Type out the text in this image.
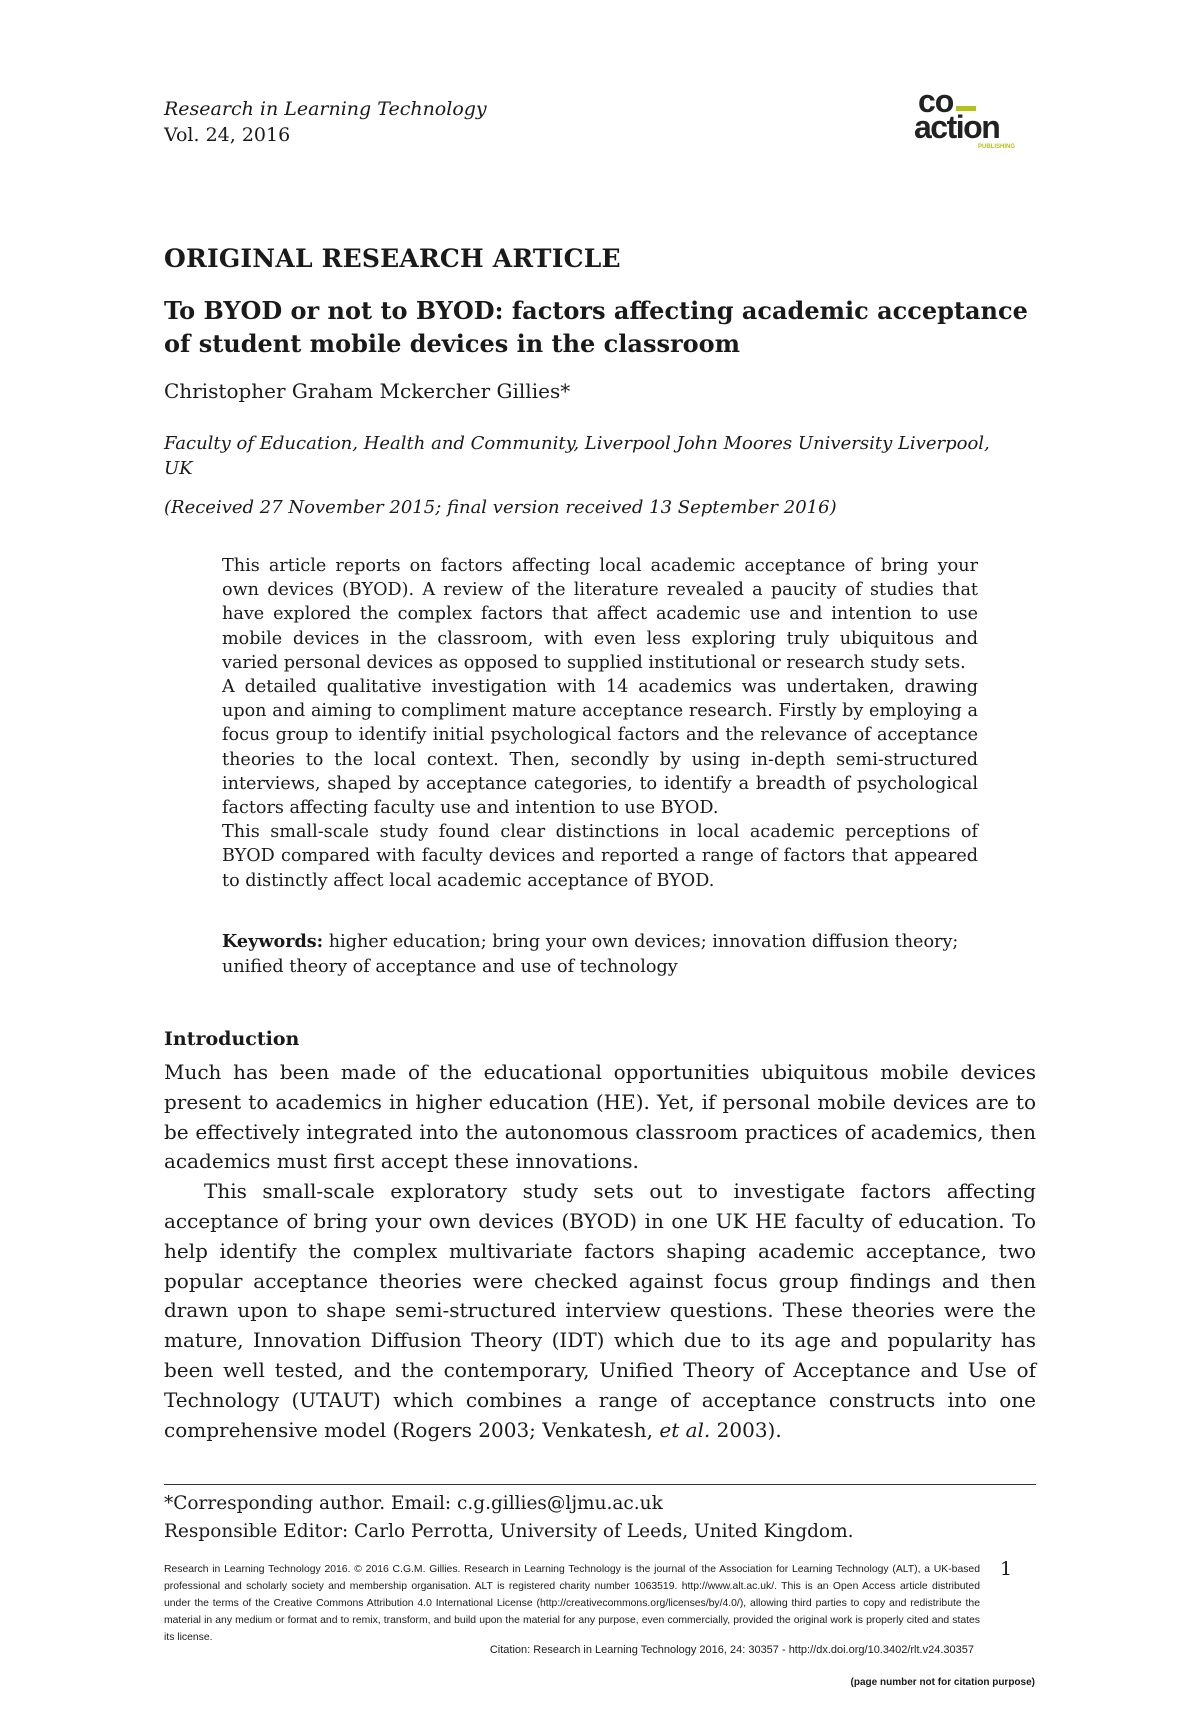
Research in Learning Technology
Vol. 24, 2016
co
action
PUBLISHING
ORIGINAL RESEARCH ARTICLE
To BYOD or not to BYOD: factors affecting academic acceptance of student mobile devices in the classroom
Christopher Graham Mckercher Gillies*
Faculty of Education, Health and Community, Liverpool John Moores University Liverpool, UK
(Received 27 November 2015; final version received 13 September 2016)

This article reports on factors affecting local academic acceptance of bring your own devices (BYOD). A review of the literature revealed a paucity of studies that have explored the complex factors that affect academic use and intention to use mobile devices in the classroom, with even less exploring truly ubiquitous and varied personal devices as opposed to supplied institutional or research study sets.

A detailed qualitative investigation with 14 academics was undertaken, drawing upon and aiming to compliment mature acceptance research. Firstly by employing a focus group to identify initial psychological factors and the relevance of acceptance theories to the local context. Then, secondly by using in-depth semi-structured interviews, shaped by acceptance categories, to identify a breadth of psychological factors affecting faculty use and intention to use BYOD.

This small-scale study found clear distinctions in local academic perceptions of BYOD compared with faculty devices and reported a range of factors that appeared to distinctly affect local academic acceptance of BYOD.

Keywords: higher education; bring your own devices; innovation diffusion theory; unified theory of acceptance and use of technology
Introduction

Much has been made of the educational opportunities ubiquitous mobile devices present to academics in higher education (HE). Yet, if personal mobile devices are to be effectively integrated into the autonomous classroom practices of academics, then academics must first accept these innovations.

This small-scale exploratory study sets out to investigate factors affecting acceptance of bring your own devices (BYOD) in one UK HE faculty of education. To help identify the complex multivariate factors shaping academic acceptance, two popular acceptance theories were checked against focus group findings and then drawn upon to shape semi-structured interview questions. These theories were the mature, Innovation Diffusion Theory (IDT) which due to its age and popularity has been well tested, and the contemporary, Unified Theory of Acceptance and Use of Technology (UTAUT) which combines a range of acceptance constructs into one comprehensive model (Rogers 2003; Venkatesh, et al. 2003).

*Corresponding author. Email: c.g.gillies@ljmu.ac.uk
Responsible Editor: Carlo Perrotta, University of Leeds, United Kingdom.
Research in Learning Technology 2016. © 2016 C.G.M. Gillies. Research in Learning Technology is the journal of the Association for Learning Technology (ALT), a UK-based professional and scholarly society and membership organisation. ALT is registered charity number 1063519. http://www.alt.ac.uk/. This is an Open Access article distributed under the terms of the Creative Commons Attribution 4.0 International License (http://creativecommons.org/licenses/by/4.0/), allowing third parties to copy and redistribute the material in any medium or format and to remix, transform, and build upon the material for any purpose, even commercially, provided the original work is properly cited and states its license.
1
Citation: Research in Learning Technology 2016, 24: 30357 - http://dx.doi.org/10.3402/rlt.v24.30357
(page number not for citation purpose)
